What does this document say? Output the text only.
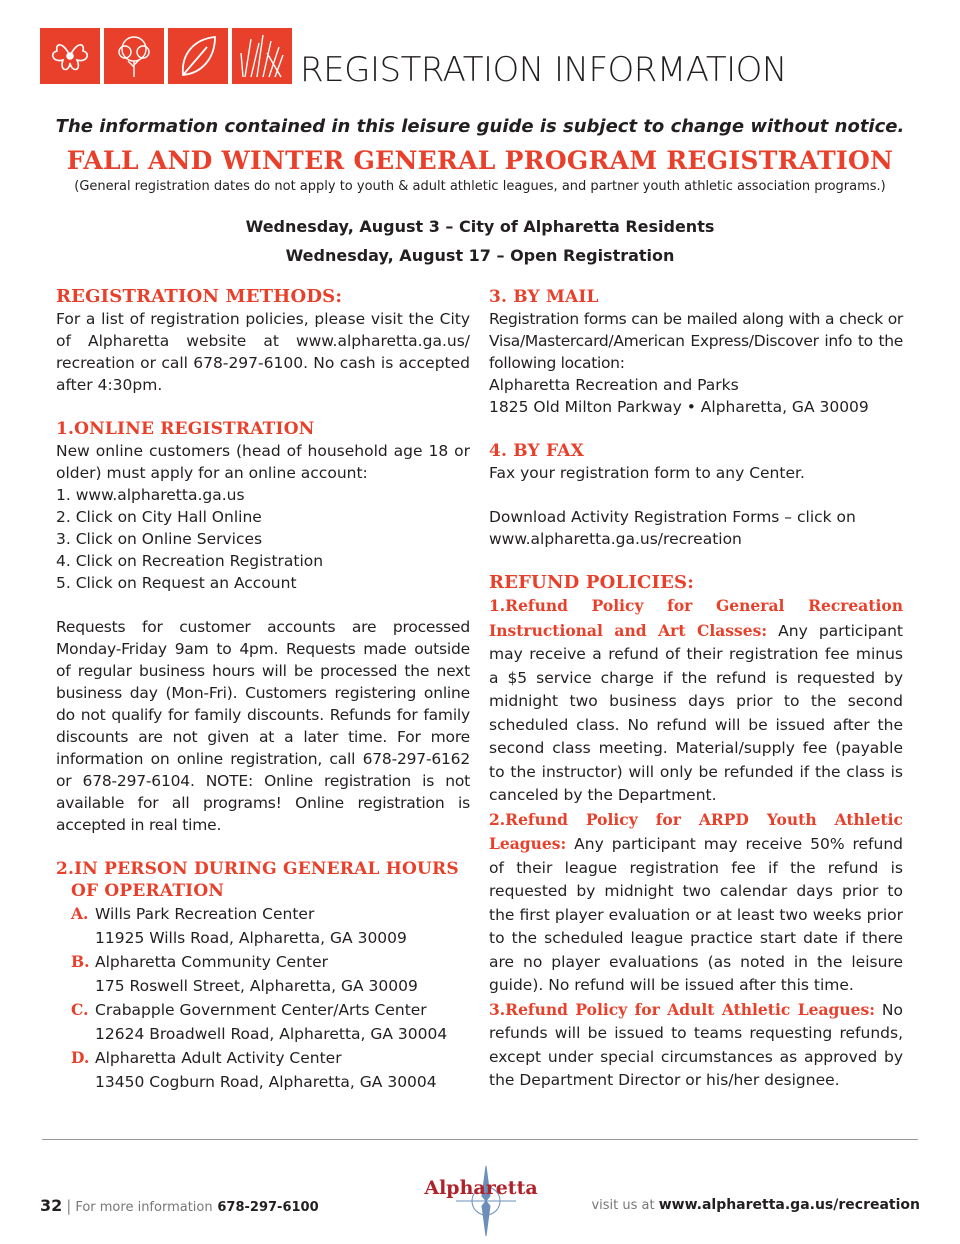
REGISTRATION INFORMATION
The information contained in this leisure guide is subject to change without notice.
FALL AND WINTER GENERAL PROGRAM REGISTRATION
(General registration dates do not apply to youth & adult athletic leagues, and partner youth athletic association programs.)
Wednesday, August 3 – City of Alpharetta Residents
Wednesday, August 17 – Open Registration
REGISTRATION METHODS:
For a list of registration policies, please visit the City of Alpharetta website at www.alpharetta.ga.us/ recreation or call 678-297-6100. No cash is accepted after 4:30pm.
1.ONLINE REGISTRATION
New online customers (head of household age 18 or older) must apply for an online account:
1. www.alpharetta.ga.us
2. Click on City Hall Online
3. Click on Online Services
4. Click on Recreation Registration
5. Click on Request an Account
Requests for customer accounts are processed Monday-Friday 9am to 4pm. Requests made outside of regular business hours will be processed the next business day (Mon-Fri). Customers registering online do not qualify for family discounts. Refunds for family discounts are not given at a later time. For more information on online registration, call 678-297-6162 or 678-297-6104. NOTE: Online registration is not available for all programs! Online registration is accepted in real time.
2.IN PERSON DURING GENERAL HOURS
OF OPERATION
A. Wills Park Recreation Center
11925 Wills Road, Alpharetta, GA 30009
B. Alpharetta Community Center
175 Roswell Street, Alpharetta, GA 30009
C. Crabapple Government Center/Arts Center
12624 Broadwell Road, Alpharetta, GA 30004
D. Alpharetta Adult Activity Center
13450 Cogburn Road, Alpharetta, GA 30004
3. BY MAIL
Registration forms can be mailed along with a check or Visa/Mastercard/American Express/Discover info to the following location:
Alpharetta Recreation and Parks
1825 Old Milton Parkway • Alpharetta, GA 30009
4. BY FAX
Fax your registration form to any Center.
Download Activity Registration Forms – click on www.alpharetta.ga.us/recreation
REFUND POLICIES:

1.Refund Policy for General Recreation Instructional and Art Classes: Any participant may receive a refund of their registration fee minus a $5 service charge if the refund is requested by midnight two business days prior to the second scheduled class. No refund will be issued after the second class meeting. Material/supply fee (payable to the instructor) will only be refunded if the class is canceled by the Department.

2.Refund Policy for ARPD Youth Athletic Leagues: Any participant may receive 50% refund of their league registration fee if the refund is requested by midnight two calendar days prior to the first player evaluation or at least two weeks prior to the scheduled league practice start date if there are no player evaluations (as noted in the leisure guide). No refund will be issued after this time.

3.Refund Policy for Adult Athletic Leagues: No refunds will be issued to teams requesting refunds, except under special circumstances as approved by the Department Director or his/her designee.

32 | For more information 678-297-6100
Alpharetta
visit us at www.alpharetta.ga.us/recreation
